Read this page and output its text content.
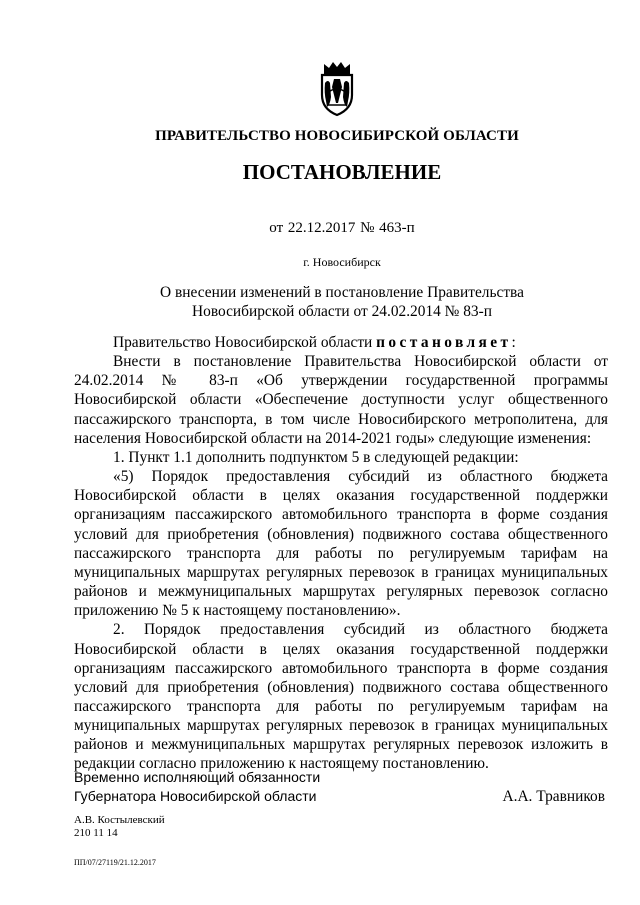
ПРАВИТЕЛЬСТВО НОВОСИБИРСКОЙ ОБЛАСТИ
ПОСТАНОВЛЕНИЕ
от 22.12.2017 № 463-п
г. Новосибирск
О внесении изменений в постановление Правительства Новосибирской области от 24.02.2014 № 83-п

Правительство Новосибирской области постановляет:

Внести в постановление Правительства Новосибирской области от 24.02.2014 № 83-п «Об утверждении государственной программы Новосибирской области «Обеспечение доступности услуг общественного пассажирского транспорта, в том числе Новосибирского метрополитена, для населения Новосибирской области на 2014-2021 годы» следующие изменения:

1. Пункт 1.1 дополнить подпунктом 5 в следующей редакции:

«5) Порядок предоставления субсидий из областного бюджета Новосибирской области в целях оказания государственной поддержки организациям пассажирского автомобильного транспорта в форме создания условий для приобретения (обновления) подвижного состава общественного пассажирского транспорта для работы по регулируемым тарифам на муниципальных маршрутах регулярных перевозок в границах муниципальных районов и межмуниципальных маршрутах регулярных перевозок согласно приложению № 5 к настоящему постановлению».

2. Порядок предоставления субсидий из областного бюджета Новосибирской области в целях оказания государственной поддержки организациям пассажирского автомобильного транспорта в форме создания условий для приобретения (обновления) подвижного состава общественного пассажирского транспорта для работы по регулируемым тарифам на муниципальных маршрутах регулярных перевозок в границах муниципальных районов и межмуниципальных маршрутах регулярных перевозок изложить в редакции согласно приложению к настоящему постановлению.

Временно исполняющий обязанности
Губернатора Новосибирской области	А.А. Травников
А.В. Костылевский
210 11 14
ПП/07/27119/21.12.2017
